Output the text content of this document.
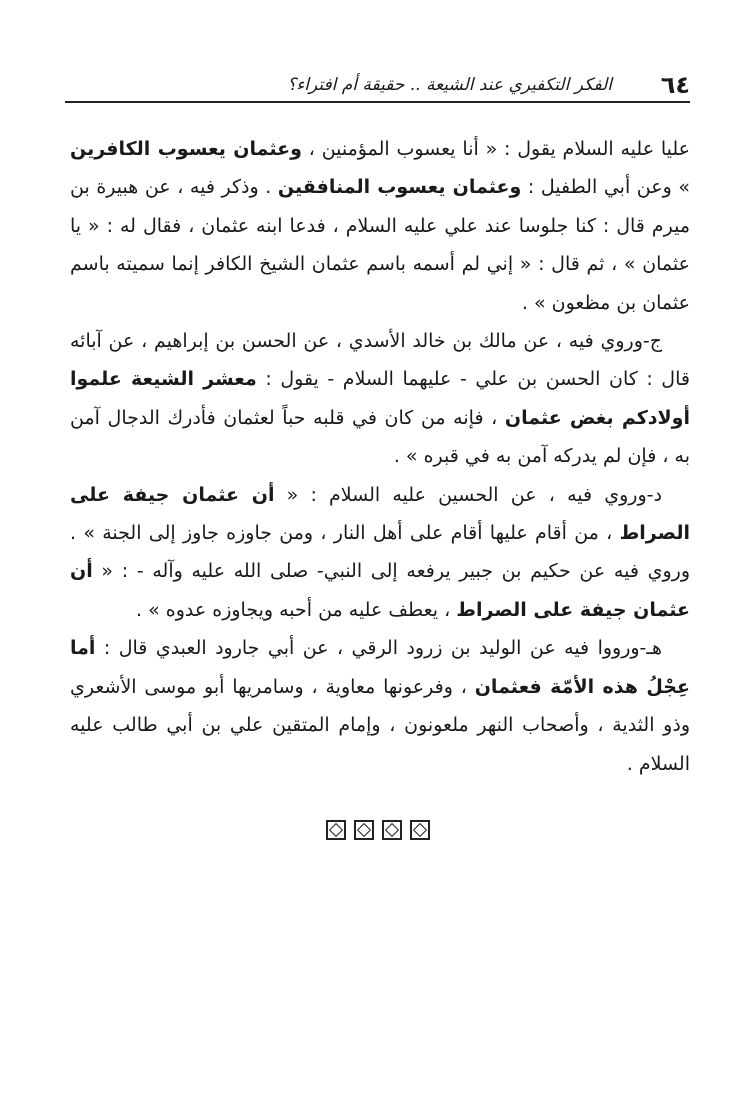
٦٤
الفكر التكفيري عند الشيعة .. حقيقة أم افتراء؟

عليا عليه السلام يقول : « أنا يعسوب المؤمنين ، وعثمان يعسوب الكافرين » وعن أبي الطفيل : وعثمان يعسوب المنافقين . وذكر فيه ، عن هبيرة بن ميرم قال : كنا جلوسا عند علي عليه السلام ، فدعا ابنه عثمان ، فقال له : « يا عثمان » ، ثم قال : « إني لم أسمه باسم عثمان الشيخ الكافر إنما سميته باسم عثمان بن مظعون » .

ج-وروي فيه ، عن مالك بن خالد الأسدي ، عن الحسن بن إبراهيم ، عن آبائه قال : كان الحسن بن علي - عليهما السلام - يقول : معشر الشيعة علموا أولادكم بغض عثمان ، فإنه من كان في قلبه حباً لعثمان فأدرك الدجال آمن به ، فإن لم يدركه آمن به في قبره » .

د-وروي فيه ، عن الحسين عليه السلام : « أن عثمان جيفة على الصراط ، من أقام عليها أقام على أهل النار ، ومن جاوزه جاوز إلى الجنة » . وروي فيه عن حكيم بن جبير يرفعه إلى النبي- صلى الله عليه وآله - : « أن عثمان جيفة على الصراط ، يعطف عليه من أحبه ويجاوزه عدوه » .

هـ-ورووا فيه عن الوليد بن زرود الرقي ، عن أبي جارود العبدي قال : أما عِجْلُ هذه الأمّة فعثمان ، وفرعونها معاوية ، وسامريها أبو موسى الأشعري وذو الثدية ، وأصحاب النهر ملعونون ، وإمام المتقين علي بن أبي طالب عليه السلام .
